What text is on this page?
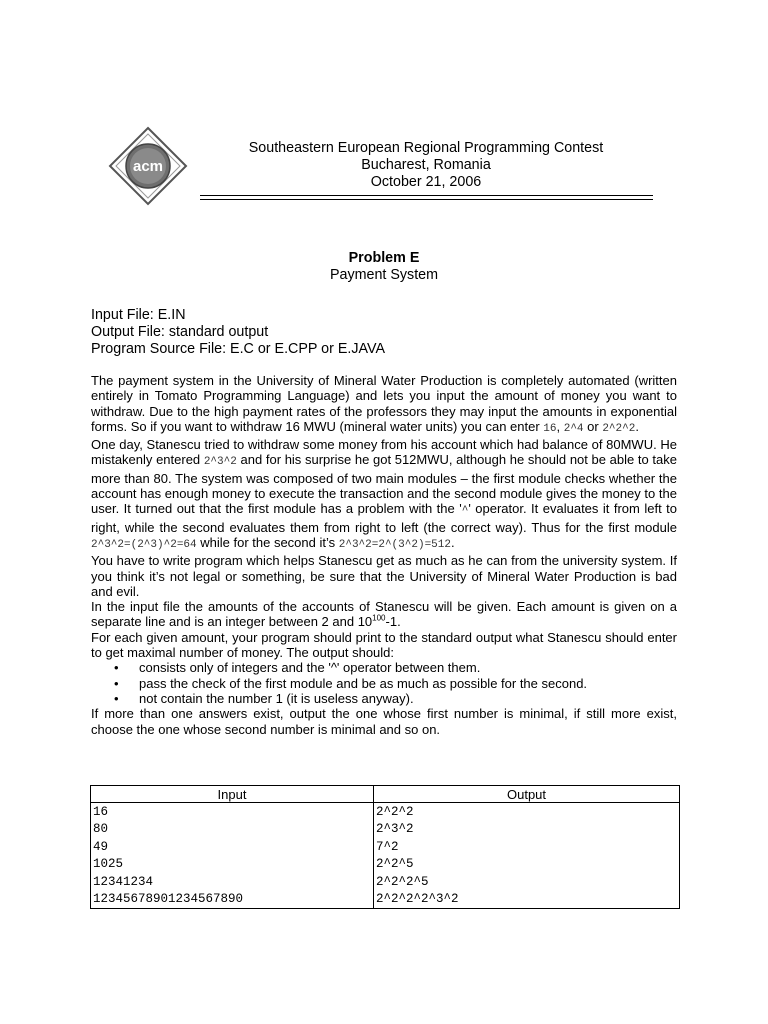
acm
Southeastern European Regional Programming Contest
Bucharest, Romania
October 21, 2006
Problem E
Payment System
Input File: E.IN
Output File: standard output
Program Source File: E.C or E.CPP or E.JAVA

The payment system in the University of Mineral Water Production is completely automated (written entirely in Tomato Programming Language) and lets you input the amount of money you want to withdraw. Due to the high payment rates of the professors they may input the amounts in exponential forms. So if you want to withdraw 16 MWU (mineral water units) you can enter 16, 2^4 or 2^2^2.

One day, Stanescu tried to withdraw some money from his account which had balance of 80MWU. He mistakenly entered 2^3^2 and for his surprise he got 512MWU, although he should not be able to take more than 80. The system was composed of two main modules – the first module checks whether the account has enough money to execute the transaction and the second module gives the money to the user. It turned out that the first module has a problem with the '^' operator. It evaluates it from left to right, while the second evaluates them from right to left (the correct way). Thus for the first module 2^3^2=(2^3)^2=64 while for the second it’s 2^3^2=2^(3^2)=512.

You have to write program which helps Stanescu get as much as he can from the university system. If you think it’s not legal or something, be sure that the University of Mineral Water Production is bad and evil.

In the input file the amounts of the accounts of Stanescu will be given. Each amount is given on a separate line and is an integer between 2 and $10^{100}-1$.

For each given amount, your program should print to the standard output what Stanescu should enter to get maximal number of money. The output should:

• consists only of integers and the '^' operator between them.
• pass the check of the first module and be as much as possible for the second.
• not contain the number 1 (it is useless anyway).

If more than one answers exist, output the one whose first number is minimal, if still more exist, choose the one whose second number is minimal and so on.

Input	Output
16	2^2^2
80	2^3^2
49	7^2
1025	2^2^5
12341234	2^2^2^5
12345678901234567890	2^2^2^2^3^2
